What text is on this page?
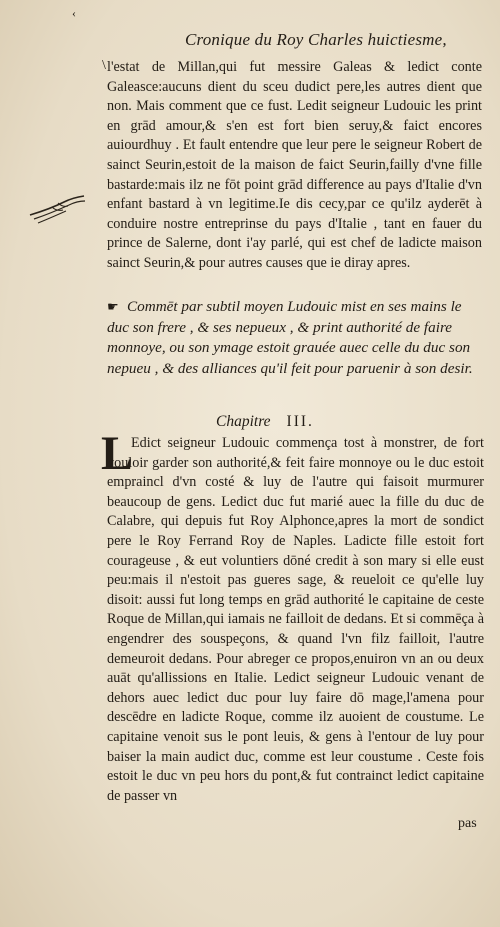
‹
Cronique du Roy Charles huictiesme,
\ l'estat de Millan,qui fut messire Galeas & ledict conte Galeasce:aucuns dient du sceu dudict pere,les autres dient que non. Mais comment que ce fust. Ledit seigneur Ludouic les print en grād amour,& s'en est fort bien seruy,& faict encores auiourdhuy . Et fault entendre que leur pere le seigneur Robert de sainct Seurin,estoit de la maison de faict Seurin,failly d'vne fille bastarde:mais ilz ne fōt point grād difference au pays d'Italie d'vn enfant bastard à vn legitime.Ie dis cecy,par ce qu'ilz ayderēt à conduire nostre entreprinse du pays d'Italie , tant en fauer du prince de Salerne, dont i'ay parlé, qui est chef de ladicte maison sainct Seurin,& pour autres causes que ie diray apres.

☛ Commēt par subtil moyen Ludouic mist en ses mains le duc son frere , & ses nepueux , & print authorité de faire monnoye, ou son ymage estoit grauée auec celle du duc son nepueu , & des alliances qu'il feit pour paruenir à son desir.
Chapitre III.
L

Edict seigneur Ludouic commença tost à monstrer, de fort vouloir garder son authorité,& feit faire monnoye ou le duc estoit empraincl d'vn costé & luy de l'autre qui faisoit murmurer beaucoup de gens. Ledict duc fut marié auec la fille du duc de Calabre, qui depuis fut Roy Alphonce,apres la mort de sondict pere le Roy Ferrand Roy de Naples. Ladicte fille estoit fort courageuse , & eut voluntiers dōné credit à son mary si elle eust peu:mais il n'estoit pas gueres sage, & reueloit ce qu'elle luy disoit: aussi fut long temps en grād authorité le capitaine de ceste Roque de Millan,qui iamais ne failloit de dedans. Et si commēça à engendrer des souspeçons, & quand l'vn filz failloit, l'autre demeuroit dedans. Pour abreger ce propos,enuiron vn an ou deux auāt qu'allissions en Italie. Ledict seigneur Ludouic venant de dehors auec ledict duc pour luy faire dō mage,l'amena pour descēdre en ladicte Roque, comme ilz auoient de coustume. Le capitaine venoit sus le pont leuis, & gens à l'entour de luy pour baiser la main audict duc, comme est leur coustume . Ceste fois estoit le duc vn peu hors du pont,& fut contrainct ledict capitaine de passer vn

pas
